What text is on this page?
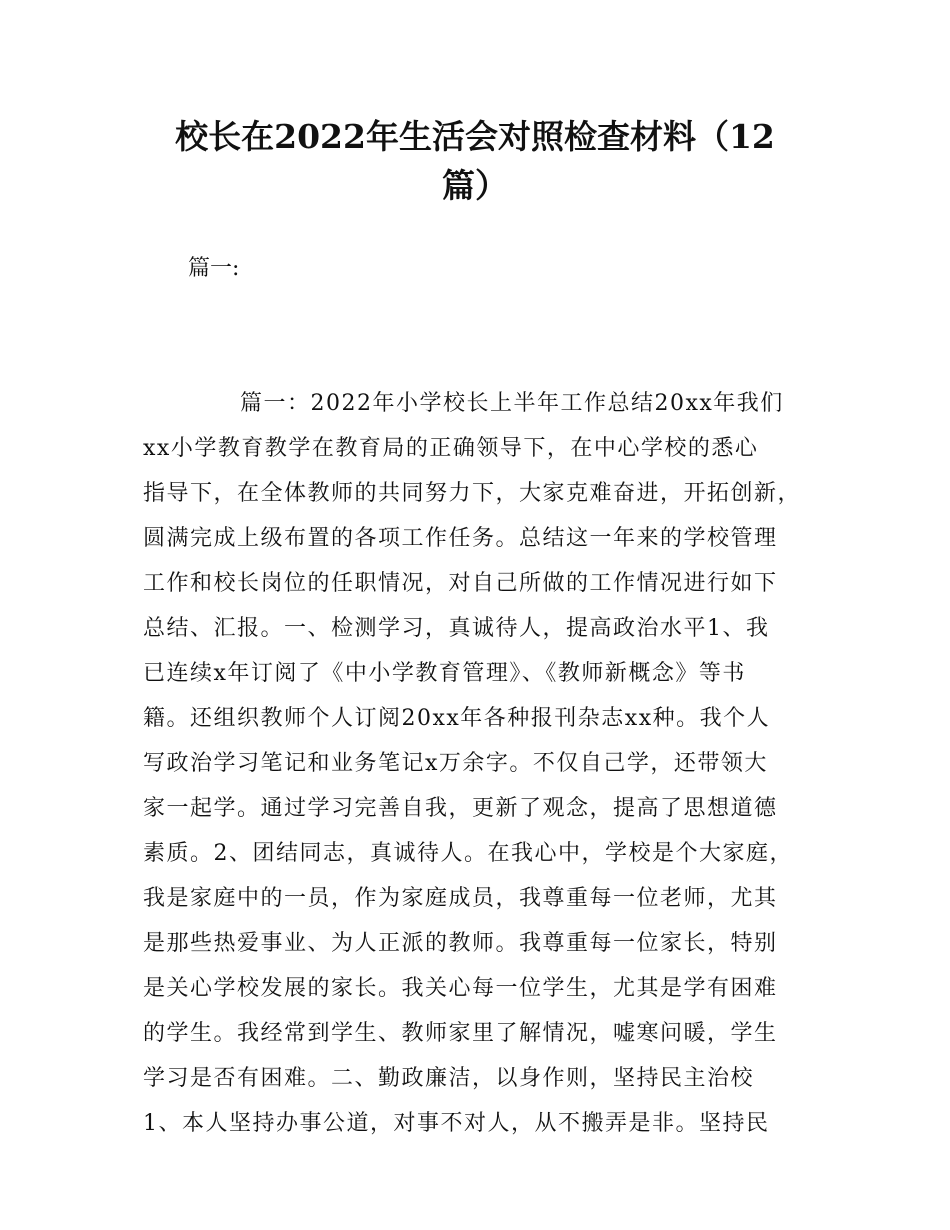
校长在2022年生活会对照检查材料（12
篇）
篇一:
篇一：2022年小学校长上半年工作总结20xx年我们
xx小学教育教学在教育局的正确领导下，在中心学校的悉心
指导下，在全体教师的共同努力下，大家克难奋进，开拓创新，
圆满完成上级布置的各项工作任务。总结这一年来的学校管理
工作和校长岗位的任职情况，对自己所做的工作情况进行如下
总结、汇报。一、检测学习，真诚待人，提高政治水平1、我
已连续x年订阅了《中小学教育管理》、《教师新概念》等书
籍。还组织教师个人订阅20xx年各种报刊杂志xx种。我个人
写政治学习笔记和业务笔记x万余字。不仅自己学，还带领大
家一起学。通过学习完善自我，更新了观念，提高了思想道德
素质。2、团结同志，真诚待人。在我心中，学校是个大家庭，
我是家庭中的一员，作为家庭成员，我尊重每一位老师，尤其
是那些热爱事业、为人正派的教师。我尊重每一位家长，特别
是关心学校发展的家长。我关心每一位学生，尤其是学有困难
的学生。我经常到学生、教师家里了解情况，嘘寒问暖，学生
学习是否有困难。二、勤政廉洁，以身作则，坚持民主治校
1、本人坚持办事公道，对事不对人，从不搬弄是非。坚持民
